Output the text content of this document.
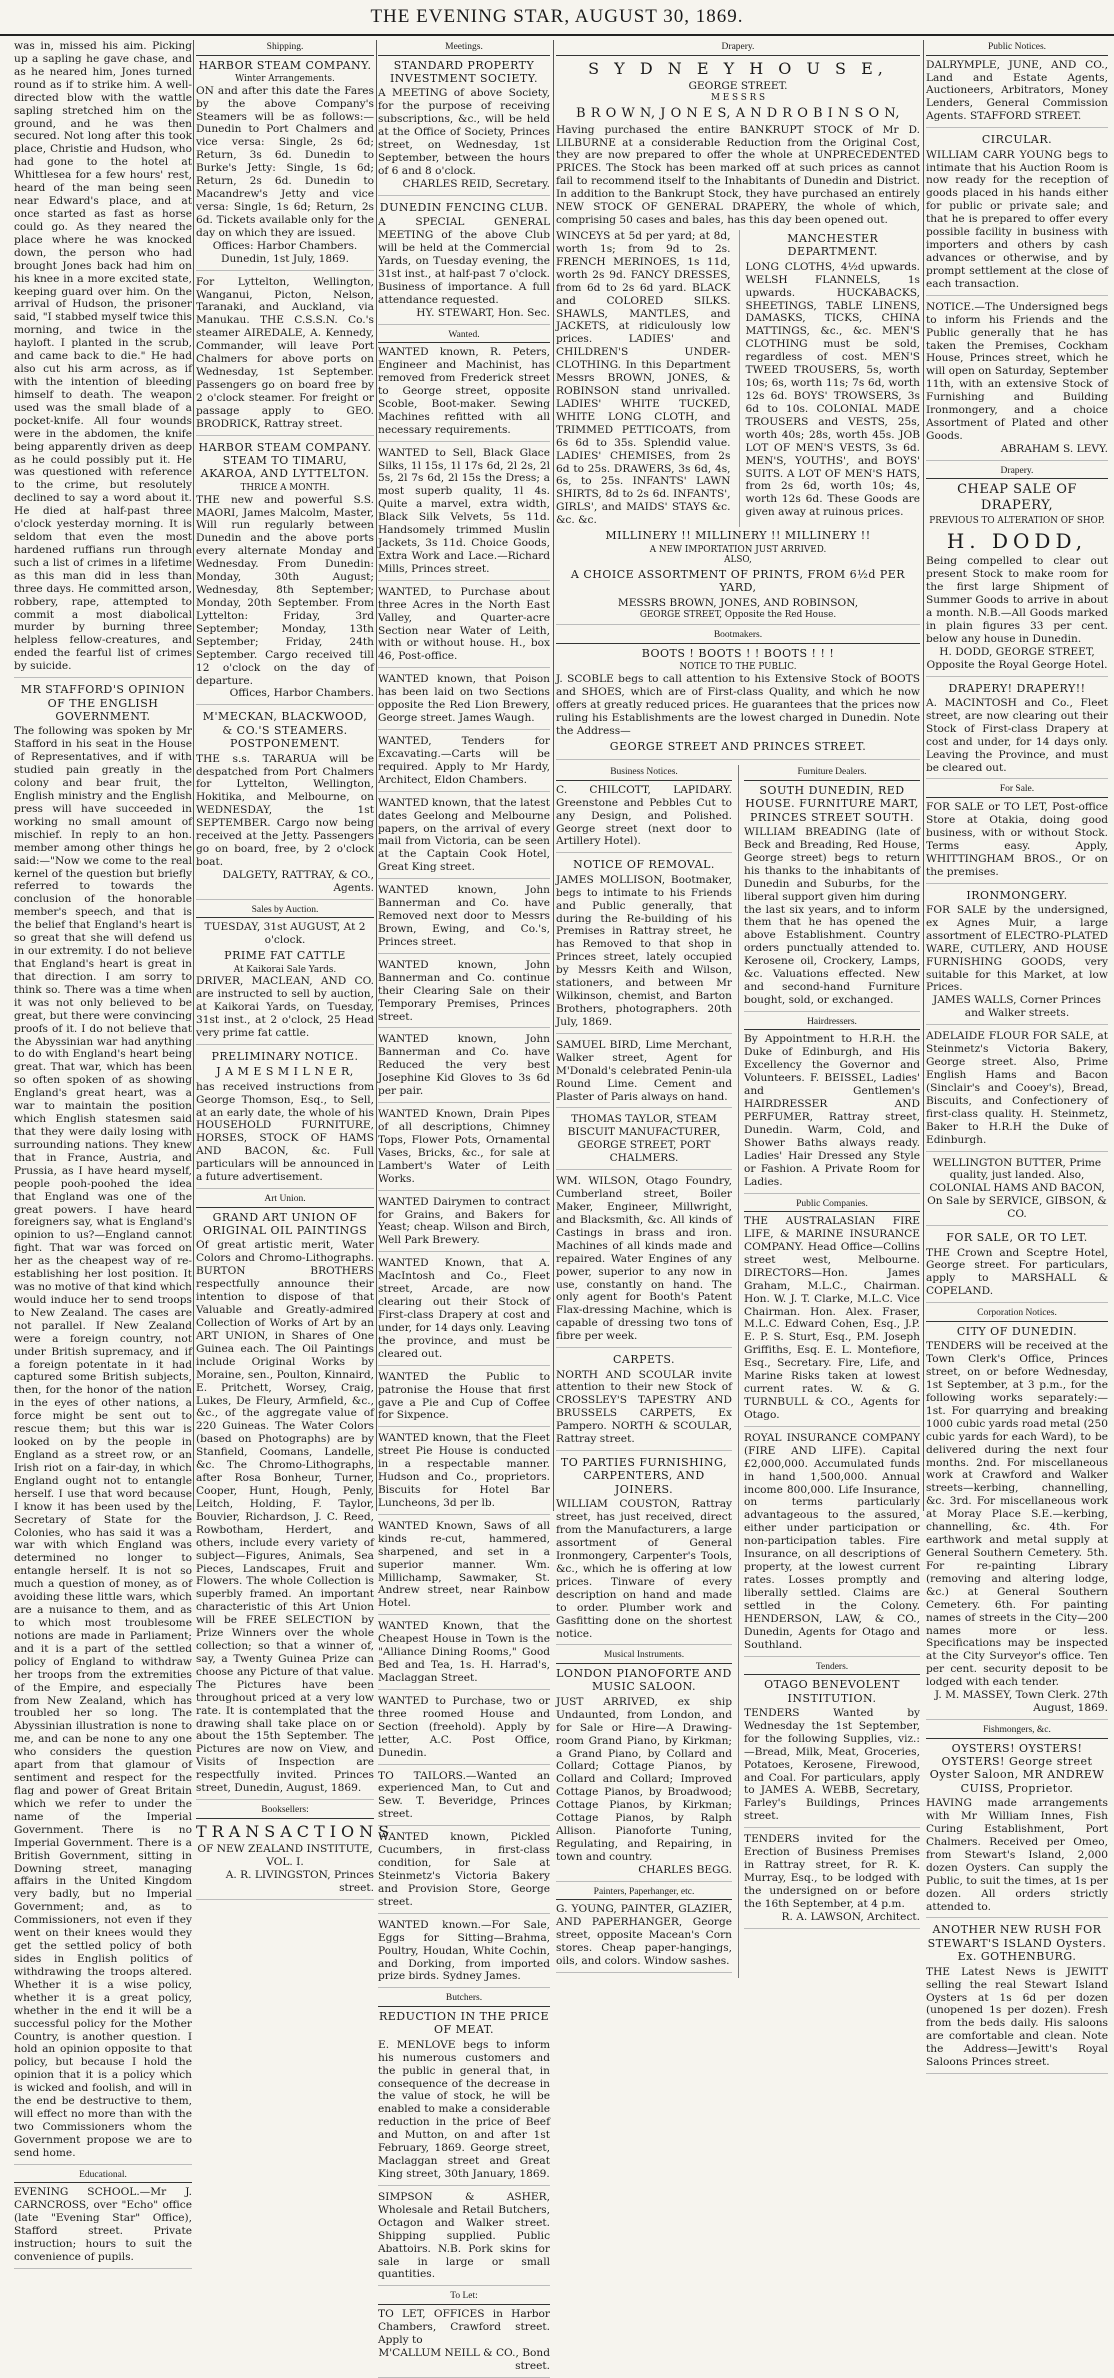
THE EVENING STAR, AUGUST 30, 1869.

was in, missed his aim. Picking up a sapling he gave chase, and as he neared him, Jones turned round as if to strike him. A well-directed blow with the wattle sapling stretched him on the ground, and he was then secured. Not long after this took place, Christie and Hudson, who had gone to the hotel at Whittlesea for a few hours' rest, heard of the man being seen near Edward's place, and at once started as fast as horse could go. As they neared the place where he was knocked down, the person who had brought Jones back had him on his knee in a more excited state, keeping guard over him. On the arrival of Hudson, the prisoner said, "I stabbed myself twice this morning, and twice in the hayloft. I planted in the scrub, and came back to die." He had also cut his arm across, as if with the intention of bleeding himself to death. The weapon used was the small blade of a pocket-knife. All four wounds were in the abdomen, the knife being apparently driven as deep as he could possibly put it. He was questioned with reference to the crime, but resolutely declined to say a word about it. He died at half-past three o'clock yesterday morning. It is seldom that even the most hardened ruffians run through such a list of crimes in a lifetime as this man did in less than three days. He committed arson, robbery, rape, attempted to commit a most diabolical murder by burning three helpless fellow-creatures, and ended the fearful list of crimes by suicide.

MR STAFFORD'S OPINION OF THE ENGLISH GOVERNMENT.

The following was spoken by Mr Stafford in his seat in the House of Representatives, and if with studied pain greatly in the colony and bear fruit, the English ministry and the English press will have succeeded in working no small amount of mischief. In reply to an hon. member among other things he said:—"Now we come to the real kernel of the question but briefly referred to towards the conclusion of the honorable member's speech, and that is the belief that England's heart is so great that she will defend us in our extremity. I do not believe that England's heart is great in that direction. I am sorry to think so. There was a time when it was not only believed to be great, but there were convincing proofs of it. I do not believe that the Abyssinian war had anything to do with England's heart being great. That war, which has been so often spoken of as showing England's great heart, was a war to maintain the position which English statesmen said that they were daily losing with surrounding nations. They knew that in France, Austria, and Prussia, as I have heard myself, people pooh-poohed the idea that England was one of the great powers. I have heard foreigners say, what is England's opinion to us?—England cannot fight. That war was forced on her as the cheapest way of re-establishing her lost position. It was no motive of that kind which would induce her to send troops to New Zealand. The cases are not parallel. If New Zealand were a foreign country, not under British supremacy, and if a foreign potentate in it had captured some British subjects, then, for the honor of the nation in the eyes of other nations, a force might be sent out to rescue them; but this war is looked on by the people in England as a street row, or an Irish riot on a fair-day, in which England ought not to entangle herself. I use that word because I know it has been used by the Secretary of State for the Colonies, who has said it was a war with which England was determined no longer to entangle herself. It is not so much a question of money, as of avoiding these little wars, which are a nuisance to them, and as to which most troublesome notions are made in Parliament; and it is a part of the settled policy of England to withdraw her troops from the extremities of the Empire, and especially from New Zealand, which has troubled her so long. The Abyssinian illustration is none to me, and can be none to any one who considers the question apart from that glamour of sentiment and respect for the flag and power of Great Britain which we refer to under the name of the Imperial Government. There is no Imperial Government. There is a British Government, sitting in Downing street, managing affairs in the United Kingdom very badly, but no Imperial Government; and, as to Commissioners, not even if they went on their knees would they get the settled policy of both sides in English politics of withdrawing the troops altered. Whether it is a wise policy, whether it is a great policy, whether in the end it will be a successful policy for the Mother Country, is another question. I hold an opinion opposite to that policy, but because I hold the opinion that it is a policy which is wicked and foolish, and will in the end be destructive to them, will effect no more than with the two Commissioners whom the Government propose we are to send home.

Educational.

EVENING SCHOOL.—Mr J. CARNCROSS, over "Echo" office (late "Evening Star" Office), Stafford street. Private instruction; hours to suit the convenience of pupils.

Shipping.
HARBOR STEAM COMPANY.
Winter Arrangements.

ON and after this date the Fares by the above Company's Steamers will be as follows:— Dunedin to Port Chalmers and vice versa: Single, 2s 6d; Return, 3s 6d. Dunedin to Burke's Jetty: Single, 1s 6d; Return, 2s 6d. Dunedin to Macandrew's Jetty and vice versa: Single, 1s 6d; Return, 2s 6d. Tickets available only for the day on which they are issued.

Offices: Harbor Chambers. Dunedin, 1st July, 1869.

For Lyttelton, Wellington, Wanganui, Picton, Nelson, Taranaki, and Auckland, via Manukau. THE C.S.S.N. Co.'s steamer AIREDALE, A. Kennedy, Commander, will leave Port Chalmers for above ports on Wednesday, 1st September. Passengers go on board free by 2 o'clock steamer. For freight or passage apply to GEO. BRODRICK, Rattray street.

HARBOR STEAM COMPANY. STEAM TO TIMARU, AKAROA, AND LYTTELTON.
THRICE A MONTH.

THE new and powerful S.S. MAORI, James Malcolm, Master, Will run regularly between Dunedin and the above ports every alternate Monday and Wednesday. From Dunedin: Monday, 30th August; Wednesday, 8th September; Monday, 20th September. From Lyttelton: Friday, 3rd September; Monday, 13th September; Friday, 24th September. Cargo received till 12 o'clock on the day of departure.

Offices, Harbor Chambers.

M'MECKAN, BLACKWOOD, & CO.'S STEAMERS. POSTPONEMENT.

THE s.s. TARARUA will be despatched from Port Chalmers for Lyttelton, Wellington, Hokitika, and Melbourne, on WEDNESDAY, the 1st SEPTEMBER. Cargo now being received at the Jetty. Passengers go on board, free, by 2 o'clock boat.

DALGETY, RATTRAY, & CO., Agents.

Sales by Auction.
TUESDAY, 31st AUGUST, At 2 o'clock.
PRIME FAT CATTLE
At Kaikorai Sale Yards.

DRIVER, MACLEAN, AND CO. are instructed to sell by auction, at Kaikorai Yards, on Tuesday, 31st inst., at 2 o'clock, 25 Head very prime fat cattle.

PRELIMINARY NOTICE.
J A M E S M I L N E R,

has received instructions from George Thomson, Esq., to Sell, at an early date, the whole of his HOUSEHOLD FURNITURE, HORSES, STOCK OF HAMS AND BACON, &c. Full particulars will be announced in a future advertisement.

Art Union.
GRAND ART UNION OF ORIGINAL OIL PAINTINGS

Of great artistic merit, Water Colors and Chromo-Lithographs. BURTON BROTHERS respectfully announce their intention to dispose of that Valuable and Greatly-admired Collection of Works of Art by an ART UNION, in Shares of One Guinea each. The Oil Paintings include Original Works by Moraine, sen., Poulton, Kinnaird, E. Pritchett, Worsey, Craig, Lukes, De Fleury, Armfield, &c., &c., of the aggregate value of 220 Guineas. The Water Colors (based on Photographs) are by Stanfield, Coomans, Landelle, &c. The Chromo-Lithographs, after Rosa Bonheur, Turner, Cooper, Hunt, Hough, Penly, Leitch, Holding, F. Taylor, Bouvier, Richardson, J. C. Reed, Rowbotham, Herdert, and others, include every variety of subject—Figures, Animals, Sea Pieces, Landscapes, Fruit and Flowers. The whole Collection is superbly framed. An important characteristic of this Art Union will be FREE SELECTION by Prize Winners over the whole collection; so that a winner of, say, a Twenty Guinea Prize can choose any Picture of that value. The Pictures have been throughout priced at a very low rate. It is contemplated that the drawing shall take place on or about the 15th September. The Pictures are now on View, and Visits of Inspection are respectfully invited. Princes street, Dunedin, August, 1869.

Booksellers:
TRANSACTIONS
OF NEW ZEALAND INSTITUTE, VOL. I.
A. R. LIVINGSTON, Princes street.
Meetings.
STANDARD PROPERTY INVESTMENT SOCIETY.

A MEETING of above Society, for the purpose of receiving subscriptions, &c., will be held at the Office of Society, Princes street, on Wednesday, 1st September, between the hours of 6 and 8 o'clock.

CHARLES REID, Secretary.

DUNEDIN FENCING CLUB.

A SPECIAL GENERAL MEETING of the above Club will be held at the Commercial Yards, on Tuesday evening, the 31st inst., at half-past 7 o'clock. Business of importance. A full attendance requested.

HY. STEWART, Hon. Sec.

Wanted.

WANTED known, R. Peters, Engineer and Machinist, has removed from Frederick street to George street, opposite Scoble, Boot-maker. Sewing Machines refitted with all necessary requirements.

WANTED to Sell, Black Glace Silks, 1l 15s, 1l 17s 6d, 2l 2s, 2l 5s, 2l 7s 6d, 2l 15s the Dress; a most superb quality, 1l 4s. Quite a marvel, extra width, Black Silk Velvets, 5s 11d. Handsomely trimmed Muslin Jackets, 3s 11d. Choice Goods, Extra Work and Lace.—Richard Mills, Princes street.

WANTED, to Purchase about three Acres in the North East Valley, and Quarter-acre Section near Water of Leith, with or without house. H., box 46, Post-office.

WANTED known, that Poison has been laid on two Sections opposite the Red Lion Brewery, George street. James Waugh.

WANTED, Tenders for Excavating.—Carts will be required. Apply to Mr Hardy, Architect, Eldon Chambers.

WANTED known, that the latest dates Geelong and Melbourne papers, on the arrival of every mail from Victoria, can be seen at the Captain Cook Hotel, Great King street.

WANTED known, John Bannerman and Co. have Removed next door to Messrs Brown, Ewing, and Co.'s, Princes street.

WANTED known, John Bannerman and Co. continue their Clearing Sale on their Temporary Premises, Princes street.

WANTED known, John Bannerman and Co. have Reduced the very best Josephine Kid Gloves to 3s 6d per pair.

WANTED Known, Drain Pipes of all descriptions, Chimney Tops, Flower Pots, Ornamental Vases, Bricks, &c., for sale at Lambert's Water of Leith Works.

WANTED Dairymen to contract for Grains, and Bakers for Yeast; cheap. Wilson and Birch, Well Park Brewery.

WANTED Known, that A. MacIntosh and Co., Fleet street, Arcade, are now clearing out their Stock of First-class Drapery at cost and under, for 14 days only. Leaving the province, and must be cleared out.

WANTED the Public to patronise the House that first gave a Pie and Cup of Coffee for Sixpence.

WANTED known, that the Fleet street Pie House is conducted in a respectable manner. Hudson and Co., proprietors. Biscuits for Hotel Bar Luncheons, 3d per lb.

WANTED Known, Saws of all kinds re-cut, hammered, sharpened, and set in a superior manner. Wm. Millichamp, Sawmaker, St. Andrew street, near Rainbow Hotel.

WANTED Known, that the Cheapest House in Town is the "Alliance Dining Rooms," Good Bed and Tea, 1s. H. Harrad's, Maclaggan Street.

WANTED to Purchase, two or three roomed House and Section (freehold). Apply by letter, A.C. Post Office, Dunedin.

TO TAILORS.—Wanted an experienced Man, to Cut and Sew. T. Beveridge, Princes street.

WANTED known, Pickled Cucumbers, in first-class condition, for Sale at Steinmetz's Victoria Bakery and Provision Store, George street.

WANTED known.—For Sale, Eggs for Sitting—Brahma, Poultry, Houdan, White Cochin, and Dorking, from imported prize birds. Sydney James.

Butchers.
REDUCTION IN THE PRICE OF MEAT.

E. MENLOVE begs to inform his numerous customers and the public in general that, in consequence of the decrease in the value of stock, he will be enabled to make a considerable reduction in the price of Beef and Mutton, on and after 1st February, 1869. George street, Maclaggan street and Great King street, 30th January, 1869.

SIMPSON & ASHER, Wholesale and Retail Butchers, Octagon and Walker street. Shipping supplied. Public Abattoirs. N.B. Pork skins for sale in large or small quantities.

To Let:

TO LET, OFFICES in Harbor Chambers, Crawford street. Apply to

M'CALLUM NEILL & CO., Bond street.

Drapery.
S Y D N E Y H O U S E,
GEORGE STREET.
M E S S R S
B R O W N, J O N E S, A N D R O B I N S O N,

Having purchased the entire BANKRUPT STOCK of Mr D. LILBURNE at a considerable Reduction from the Original Cost, they are now prepared to offer the whole at UNPRECEDENTED PRICES. The Stock has been marked off at such prices as cannot fail to recommend itself to the Inhabitants of Dunedin and District. In addition to the Bankrupt Stock, they have purchased an entirely NEW STOCK OF GENERAL DRAPERY, the whole of which, comprising 50 cases and bales, has this day been opened out.

WINCEYS at 5d per yard; at 8d, worth 1s; from 9d to 2s. FRENCH MERINOES, 1s 11d, worth 2s 9d. FANCY DRESSES, from 6d to 2s 6d yard. BLACK and COLORED SILKS. SHAWLS, MANTLES, and JACKETS, at ridiculously low prices. LADIES' and CHILDREN'S UNDER-CLOTHING. In this Department Messrs BROWN, JONES, & ROBINSON stand unrivalled. LADIES' WHITE TUCKED, WHITE LONG CLOTH, and TRIMMED PETTICOATS, from 6s 6d to 35s. Splendid value. LADIES' CHEMISES, from 2s 6d to 25s. DRAWERS, 3s 6d, 4s, 6s, to 25s. INFANTS' LAWN SHIRTS, 8d to 2s 6d. INFANTS', GIRLS', and MAIDS' STAYS &c. &c. &c.

MANCHESTER DEPARTMENT.

LONG CLOTHS, 4½d upwards. WELSH FLANNELS, 1s upwards. HUCKABACKS, SHEETINGS, TABLE LINENS, DAMASKS, TICKS, CHINA MATTINGS, &c., &c. MEN'S CLOTHING must be sold, regardless of cost. MEN'S TWEED TROUSERS, 5s, worth 10s; 6s, worth 11s; 7s 6d, worth 12s 6d. BOYS' TROWSERS, 3s 6d to 10s. COLONIAL MADE TROUSERS and VESTS, 25s, worth 40s; 28s, worth 45s. JOB LOT OF MEN'S VESTS, 3s 6d. MEN'S, YOUTHS', and BOYS' SUITS. A LOT OF MEN'S HATS, from 2s 6d, worth 10s; 4s, worth 12s 6d. These Goods are given away at ruinous prices.

MILLINERY !! MILLINERY !! MILLINERY !!
A NEW IMPORTATION JUST ARRIVED.
ALSO,
A CHOICE ASSORTMENT OF PRINTS, FROM 6½d PER YARD,
MESSRS BROWN, JONES, AND ROBINSON,
GEORGE STREET, Opposite the Red House.
Bootmakers.
BOOTS ! BOOTS ! ! BOOTS ! ! !
NOTICE TO THE PUBLIC.

J. SCOBLE begs to call attention to his Extensive Stock of BOOTS and SHOES, which are of First-class Quality, and which he now offers at greatly reduced prices. He guarantees that the prices now ruling his Establishments are the lowest charged in Dunedin. Note the Address—

GEORGE STREET AND PRINCES STREET.
Business Notices.

C. CHILCOTT, LAPIDARY. Greenstone and Pebbles Cut to any Design, and Polished. George street (next door to Artillery Hotel).

NOTICE OF REMOVAL.

JAMES MOLLISON, Bootmaker, begs to intimate to his Friends and Public generally, that during the Re-building of his Premises in Rattray street, he has Removed to that shop in Princes street, lately occupied by Messrs Keith and Wilson, stationers, and between Mr Wilkinson, chemist, and Barton Brothers, photographers. 20th July, 1869.

SAMUEL BIRD, Lime Merchant, Walker street, Agent for M'Donald's celebrated Penin-ula Round Lime. Cement and Plaster of Paris always on hand.

THOMAS TAYLOR, STEAM BISCUIT MANUFACTURER, GEORGE STREET, PORT CHALMERS.

WM. WILSON, Otago Foundry, Cumberland street, Boiler Maker, Engineer, Millwright, and Blacksmith, &c. All kinds of Castings in brass and iron. Machines of all kinds made and repaired. Water Engines of any power, superior to any now in use, constantly on hand. The only agent for Booth's Patent Flax-dressing Machine, which is capable of dressing two tons of fibre per week.

CARPETS.

NORTH AND SCOULAR invite attention to their new Stock of CROSSLEY'S TAPESTRY AND BRUSSELS CARPETS, Ex Pampero. NORTH & SCOULAR, Rattray street.

TO PARTIES FURNISHING, CARPENTERS, AND JOINERS.

WILLIAM COUSTON, Rattray street, has just received, direct from the Manufacturers, a large assortment of General Ironmongery, Carpenter's Tools, &c., which he is offering at low prices. Tinware of every description on hand and made to order. Plumber work and Gasfitting done on the shortest notice.

Musical Instruments.
LONDON PIANOFORTE AND MUSIC SALOON.

JUST ARRIVED, ex ship Undaunted, from London, and for Sale or Hire—A Drawing-room Grand Piano, by Kirkman; a Grand Piano, by Collard and Collard; Cottage Pianos, by Collard and Collard; Improved Cottage Pianos, by Broadwood; Cottage Pianos, by Kirkman; Cottage Pianos, by Ralph Allison. Pianoforte Tuning, Regulating, and Repairing, in town and country.

CHARLES BEGG.

Painters, Paperhanger, etc.

G. YOUNG, PAINTER, GLAZIER, AND PAPERHANGER, George street, opposite Macean's Corn stores. Cheap paper-hangings, oils, and colors. Window sashes.

Furniture Dealers.
SOUTH DUNEDIN, RED HOUSE. FURNITURE MART, PRINCES STREET SOUTH.

WILLIAM BREADING (late of Beck and Breading, Red House, George street) begs to return his thanks to the inhabitants of Dunedin and Suburbs, for the liberal support given him during the last six years, and to inform them that he has opened the above Establishment. Country orders punctually attended to. Kerosene oil, Crockery, Lamps, &c. Valuations effected. New and second-hand Furniture bought, sold, or exchanged.

Hairdressers.

By Appointment to H.R.H. the Duke of Edinburgh, and His Excellency the Governor and Volunteers. F. BEISSEL, Ladies' and Gentlemen's HAIRDRESSER AND PERFUMER, Rattray street, Dunedin. Warm, Cold, and Shower Baths always ready. Ladies' Hair Dressed any Style or Fashion. A Private Room for Ladies.

Public Companies.

THE AUSTRALASIAN FIRE LIFE, & MARINE INSURANCE COMPANY. Head Office—Collins street west, Melbourne. DIRECTORS—Hon. James Graham, M.L.C., Chairman. Hon. W. J. T. Clarke, M.L.C. Vice Chairman. Hon. Alex. Fraser, M.L.C. Edward Cohen, Esq., J.P. E. P. S. Sturt, Esq., P.M. Joseph Griffiths, Esq. E. L. Montefiore, Esq., Secretary. Fire, Life, and Marine Risks taken at lowest current rates. W. & G. TURNBULL & CO., Agents for Otago.

ROYAL INSURANCE COMPANY (FIRE AND LIFE). Capital £2,000,000. Accumulated funds in hand 1,500,000. Annual income 800,000. Life Insurance, on terms particularly advantageous to the assured, either under participation or non-participation tables. Fire Insurance, on all descriptions of property, at the lowest current rates. Losses promptly and liberally settled. Claims are settled in the Colony. HENDERSON, LAW, & CO., Dunedin, Agents for Otago and Southland.

Tenders.
OTAGO BENEVOLENT INSTITUTION.

TENDERS Wanted by Wednesday the 1st September, for the following Supplies, viz.:—Bread, Milk, Meat, Groceries, Potatoes, Kerosene, Firewood, and Coal. For particulars, apply to JAMES A. WEBB, Secretary, Farley's Buildings, Princes street.

TENDERS invited for the Erection of Business Premises in Rattray street, for R. K. Murray, Esq., to be lodged with the undersigned on or before the 16th September, at 4 p.m.

R. A. LAWSON, Architect.

Public Notices.

DALRYMPLE, JUNE, AND CO., Land and Estate Agents, Auctioneers, Arbitrators, Money Lenders, General Commission Agents. STAFFORD STREET.

CIRCULAR.

WILLIAM CARR YOUNG begs to intimate that his Auction Room is now ready for the reception of goods placed in his hands either for public or private sale; and that he is prepared to offer every possible facility in business with importers and others by cash advances or otherwise, and by prompt settlement at the close of each transaction.

NOTICE.—The Undersigned begs to inform his Friends and the Public generally that he has taken the Premises, Cockham House, Princes street, which he will open on Saturday, September 11th, with an extensive Stock of Furnishing and Building Ironmongery, and a choice Assortment of Plated and other Goods.

ABRAHAM S. LEVY.

Drapery.
CHEAP SALE OF DRAPERY,
PREVIOUS TO ALTERATION OF SHOP.
H. DODD,

Being compelled to clear out present Stock to make room for the first large Shipment of Summer Goods to arrive in about a month. N.B.—All Goods marked in plain figures 33 per cent. below any house in Dunedin.

H. DODD, GEORGE STREET, Opposite the Royal George Hotel.

DRAPERY! DRAPERY!!

A. MACINTOSH and Co., Fleet street, are now clearing out their Stock of First-class Drapery at cost and under, for 14 days only. Leaving the Province, and must be cleared out.

For Sale.

FOR SALE or TO LET, Post-office Store at Otakia, doing good business, with or without Stock. Terms easy. Apply, WHITTINGHAM BROS., Or on the premises.

IRONMONGERY.

FOR SALE by the undersigned, ex Agnes Muir, a large assortment of ELECTRO-PLATED WARE, CUTLERY, AND HOUSE FURNISHING GOODS, very suitable for this Market, at low Prices.

JAMES WALLS, Corner Princes and Walker streets.

ADELAIDE FLOUR FOR SALE, at Steinmetz's Victoria Bakery, George street. Also, Prime English Hams and Bacon (Sinclair's and Cooey's), Bread, Biscuits, and Confectionery of first-class quality. H. Steinmetz, Baker to H.R.H the Duke of Edinburgh.

WELLINGTON BUTTER, Prime quality, just landed. Also, COLONIAL HAMS AND BACON, On Sale by SERVICE, GIBSON, & CO.

FOR SALE, OR TO LET.

THE Crown and Sceptre Hotel, George street. For particulars, apply to MARSHALL & COPELAND.

Corporation Notices.
CITY OF DUNEDIN.

TENDERS will be received at the Town Clerk's Office, Princes street, on or before Wednesday, 1st September, at 3 p.m., for the following works separately:— 1st. For quarrying and breaking 1000 cubic yards road metal (250 cubic yards for each Ward), to be delivered during the next four months. 2nd. For miscellaneous work at Crawford and Walker streets—kerbing, channelling, &c. 3rd. For miscellaneous work at Moray Place S.E.—kerbing, channelling, &c. 4th. For earthwork and metal supply at General Southern Cemetery. 5th. For re-painting Library (removing and altering lodge, &c.) at General Southern Cemetery. 6th. For painting names of streets in the City—200 names more or less. Specifications may be inspected at the City Surveyor's office. Ten per cent. security deposit to be lodged with each tender.

J. M. MASSEY, Town Clerk. 27th August, 1869.

Fishmongers, &c.
OYSTERS! OYSTERS! OYSTERS! George street Oyster Saloon, MR ANDREW CUISS, Proprietor.

HAVING made arrangements with Mr William Innes, Fish Curing Establishment, Port Chalmers. Received per Omeo, from Stewart's Island, 2,000 dozen Oysters. Can supply the Public, to suit the times, at 1s per dozen. All orders strictly attended to.

ANOTHER NEW RUSH FOR STEWART'S ISLAND Oysters. Ex. GOTHENBURG.

THE Latest News is JEWITT selling the real Stewart Island Oysters at 1s 6d per dozen (unopened 1s per dozen). Fresh from the beds daily. His saloons are comfortable and clean. Note the Address—Jewitt's Royal Saloons Princes street.
